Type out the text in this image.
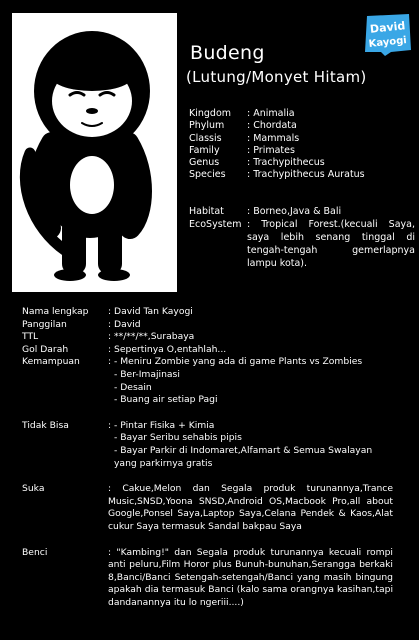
David
Kayogi
Budeng
(Lutung/Monyet Hitam)
Kingdom	: Animalia
Phylum	: Chordata
Classis	: Mammals
Family	: Primates
Genus	: Trachypithecus
Species	: Trachypithecus Auratus
Habitat	: Borneo,Java & Bali
EcoSystem : Tropical Forest.(kecuali Saya, saya lebih senang tinggal di tengah-tengah gemerlapnya lampu kota).
Nama lengkap	: David Tan Kayogi
Panggilan	: David
TTL	: **/**/**,Surabaya
Gol Darah	: Sepertinya O,entahlah...
Kemampuan	: - Meniru Zombie yang ada di game Plants vs Zombies
- Ber-Imajinasi
- Desain
- Buang air setiap Pagi
Tidak Bisa	: - Pintar Fisika + Kimia
- Bayar Seribu sehabis pipis
- Bayar Parkir di Indomaret,Alfamart & Semua Swalayan yang parkirnya gratis
Suka	: Cakue,Melon dan Segala produk turunannya,Trance Music,SNSD,Yoona SNSD,Android OS,Macbook Pro,all about Google,Ponsel Saya,Laptop Saya,Celana Pendek & Kaos,Alat cukur Saya termasuk Sandal bakpau Saya
Benci	: "Kambing!" dan Segala produk turunannya kecuali rompi anti peluru,Film Horor plus Bunuh-bunuhan,Serangga berkaki 8,Banci/Banci Setengah-setengah/Banci yang masih bingung apakah dia termasuk Banci (kalo sama orangnya kasihan,tapi dandanannya itu lo ngeriii....)
